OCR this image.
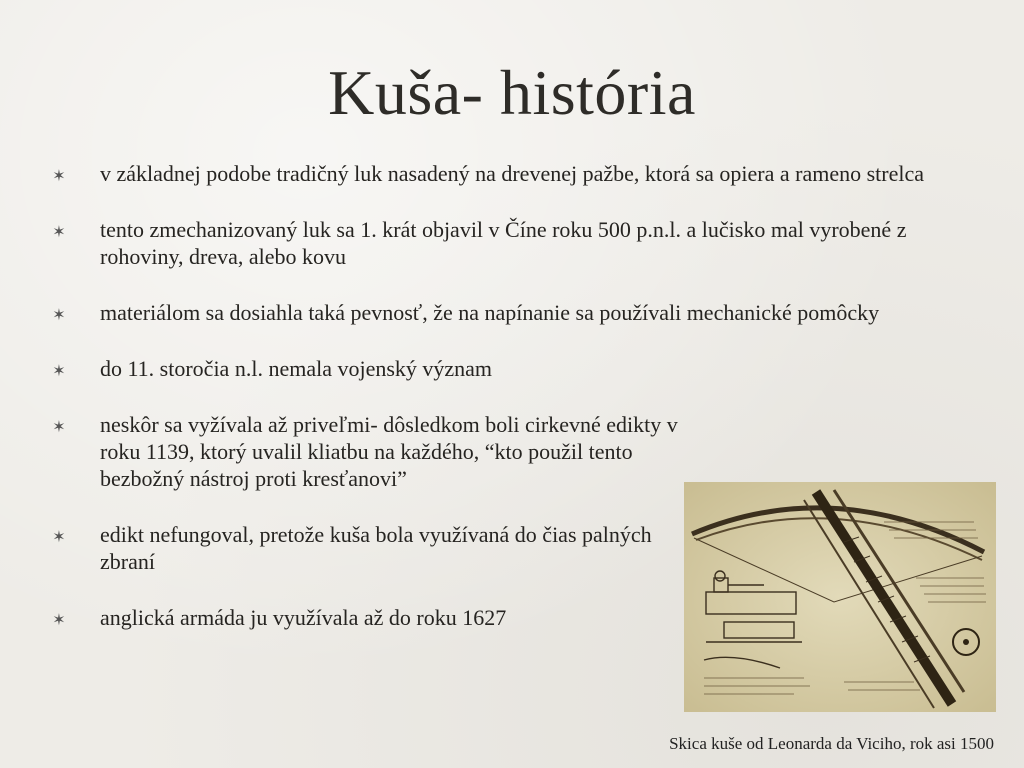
Kuša- história
✶ v základnej podobe tradičný luk nasadený na drevenej pažbe, ktorá sa opiera a rameno strelca
✶ tento zmechanizovaný luk sa 1. krát objavil v Číne roku 500 p.n.l. a lučisko mal vyrobené z rohoviny, dreva, alebo kovu
✶ materiálom sa dosiahla taká pevnosť, že na napínanie sa používali mechanické pomôcky
✶ do 11. storočia n.l. nemala vojenský význam
✶ neskôr sa vyžívala až priveľmi- dôsledkom boli cirkevné edikty v roku 1139, ktorý uvalil kliatbu na každého, “kto použil tento bezbožný nástroj proti kresťanovi”
✶ edikt nefungoval, pretože kuša bola využívaná do čias palných zbraní
✶ anglická armáda ju využívala až do roku 1627
Skica kuše od Leonarda da Viciho, rok asi 1500
